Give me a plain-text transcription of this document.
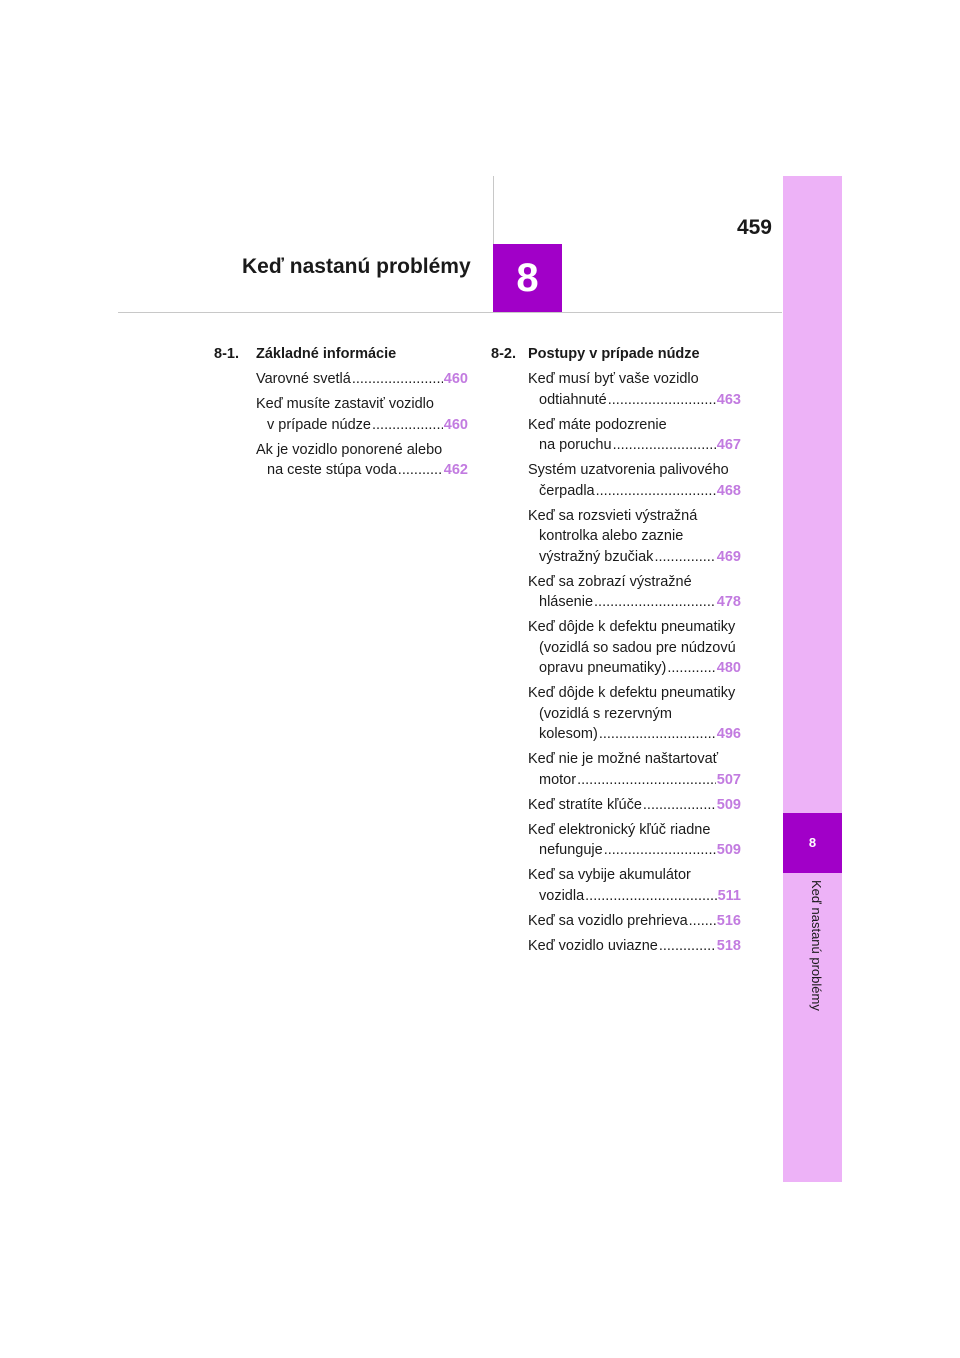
459
Keď nastanú problémy	8
8
Keď nastanú problémy
8-1.	Základné informácie
Varovné svetlá .....	460
Keď musíte zastaviť vozidlo
v prípade núdze .....	460
Ak je vozidlo ponorené alebo
na ceste stúpa voda .....	462
8-2. Postupy v prípade núdze
Keď musí byť vaše vozidlo
odtiahnuté .....	463
Keď máte podozrenie
na poruchu .....	467
Systém uzatvorenia palivového
čerpadla .....	468
Keď sa rozsvieti výstražná
kontrolka alebo zaznie
výstražný bzučiak .....	469
Keď sa zobrazí výstražné
hlásenie .....	478
Keď dôjde k defektu pneumatiky
(vozidlá so sadou pre núdzovú
opravu pneumatiky) .....	480
Keď dôjde k defektu pneumatiky
(vozidlá s rezervným
kolesom) .....	496
Keď nie je možné naštartovať
motor .....	507
Keď stratíte kľúče .....	509
Keď elektronický kľúč riadne
nefunguje .....	509
Keď sa vybije akumulátor
vozidla .....	511
Keď sa vozidlo prehrieva ..... 516
Keď vozidlo uviazne .....	518
